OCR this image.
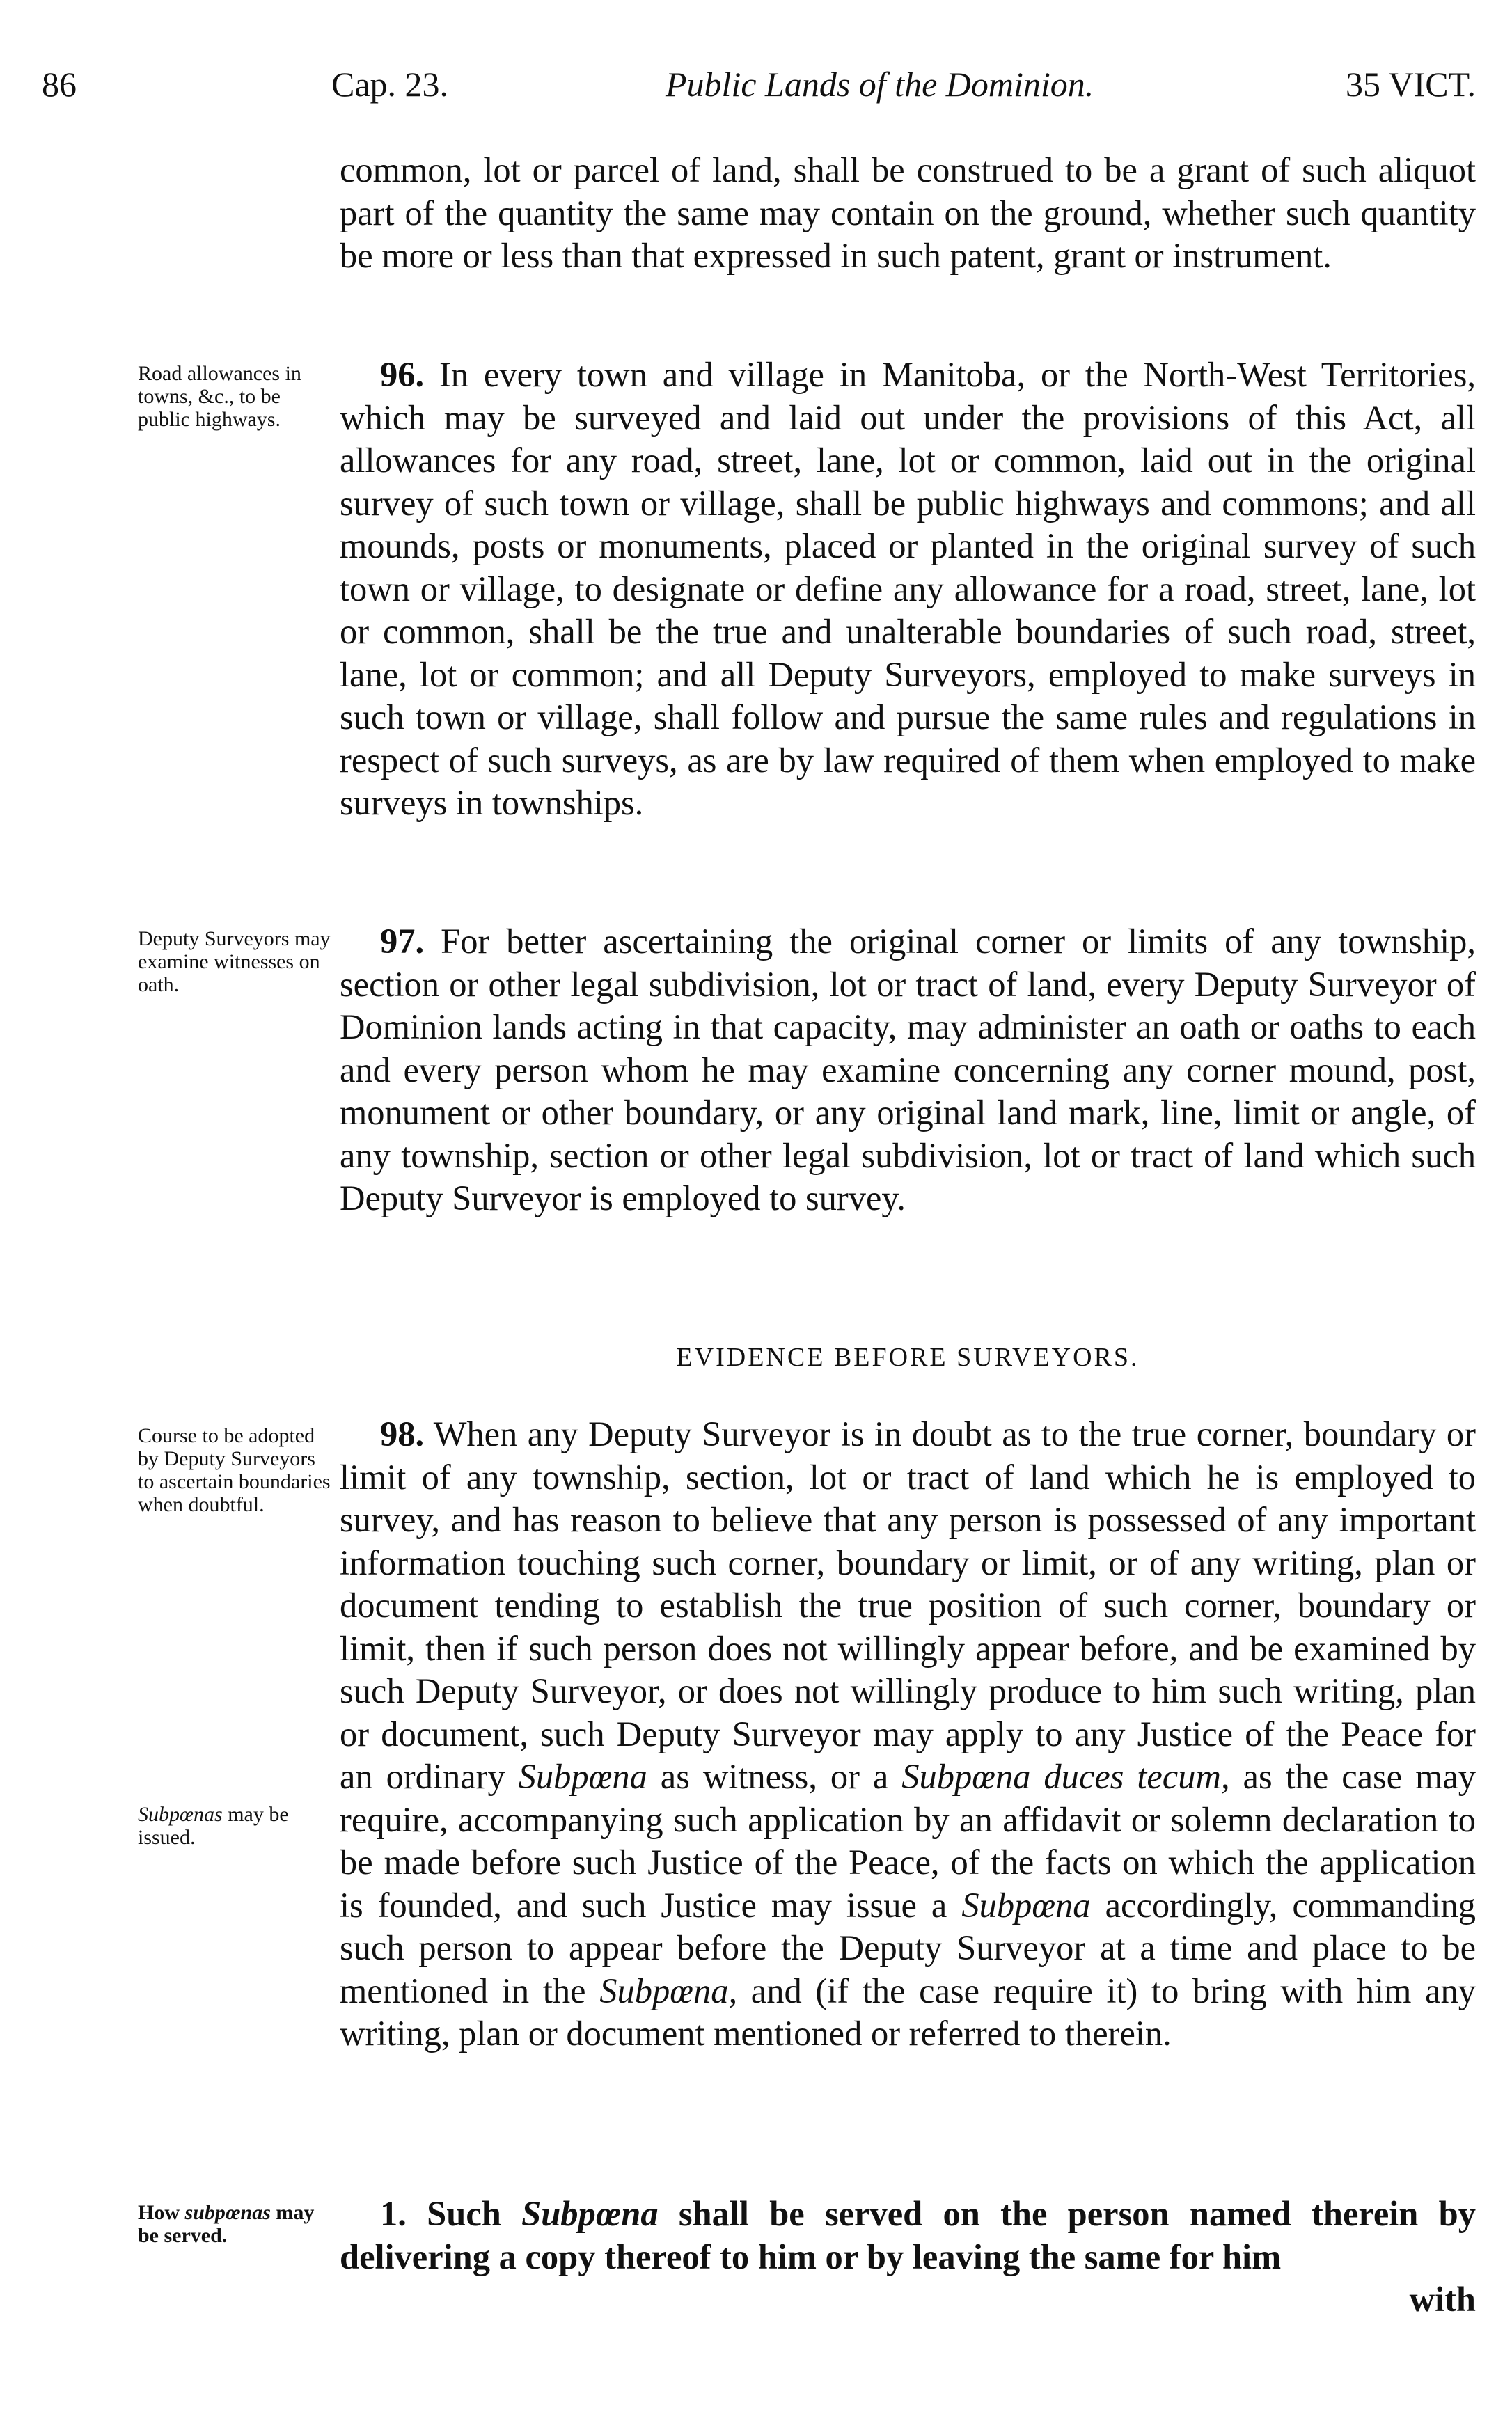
86	Cap. 23.	Public Lands of the Dominion.	35 VICT.

common, lot or parcel of land, shall be construed to be a grant of such aliquot part of the quantity the same may contain on the ground, whether such quantity be more or less than that expressed in such patent, grant or instrument.

Road allowances in towns, &c., to be public highways.

96. In every town and village in Manitoba, or the North-West Territories, which may be surveyed and laid out under the provisions of this Act, all allowances for any road, street, lane, lot or common, laid out in the original survey of such town or village, shall be public highways and commons; and all mounds, posts or monuments, placed or planted in the original survey of such town or village, to designate or define any allowance for a road, street, lane, lot or common, shall be the true and unalterable boundaries of such road, street, lane, lot or common; and all Deputy Surveyors, employed to make surveys in such town or village, shall follow and pursue the same rules and regulations in respect of such surveys, as are by law required of them when employed to make surveys in townships.

Deputy Surveyors may examine witnesses on oath.

97. For better ascertaining the original corner or limits of any township, section or other legal subdivision, lot or tract of land, every Deputy Surveyor of Dominion lands acting in that capacity, may administer an oath or oaths to each and every person whom he may examine concerning any corner mound, post, monument or other boundary, or any original land mark, line, limit or angle, of any township, section or other legal subdivision, lot or tract of land which such Deputy Surveyor is employed to survey.

EVIDENCE BEFORE SURVEYORS.
Course to be adopted by Deputy Surveyors to ascertain boundaries when doubtful.
Subpœnas may be issued.

98. When any Deputy Surveyor is in doubt as to the true corner, boundary or limit of any township, section, lot or tract of land which he is employed to survey, and has reason to believe that any person is possessed of any important information touching such corner, boundary or limit, or of any writing, plan or document tending to establish the true position of such corner, boundary or limit, then if such person does not willingly appear before, and be examined by such Deputy Surveyor, or does not willingly produce to him such writing, plan or document, such Deputy Surveyor may apply to any Justice of the Peace for an ordinary Subpœna as witness, or a Subpœna duces tecum, as the case may require, accompanying such application by an affidavit or solemn declaration to be made before such Justice of the Peace, of the facts on which the application is founded, and such Justice may issue a Subpœna accordingly, commanding such person to appear before the Deputy Surveyor at a time and place to be mentioned in the Subpœna, and (if the case require it) to bring with him any writing, plan or document mentioned or referred to therein.

How subpœnas may be served.

1. Such Subpœna shall be served on the person named therein by delivering a copy thereof to him or by leaving the same for him

with
